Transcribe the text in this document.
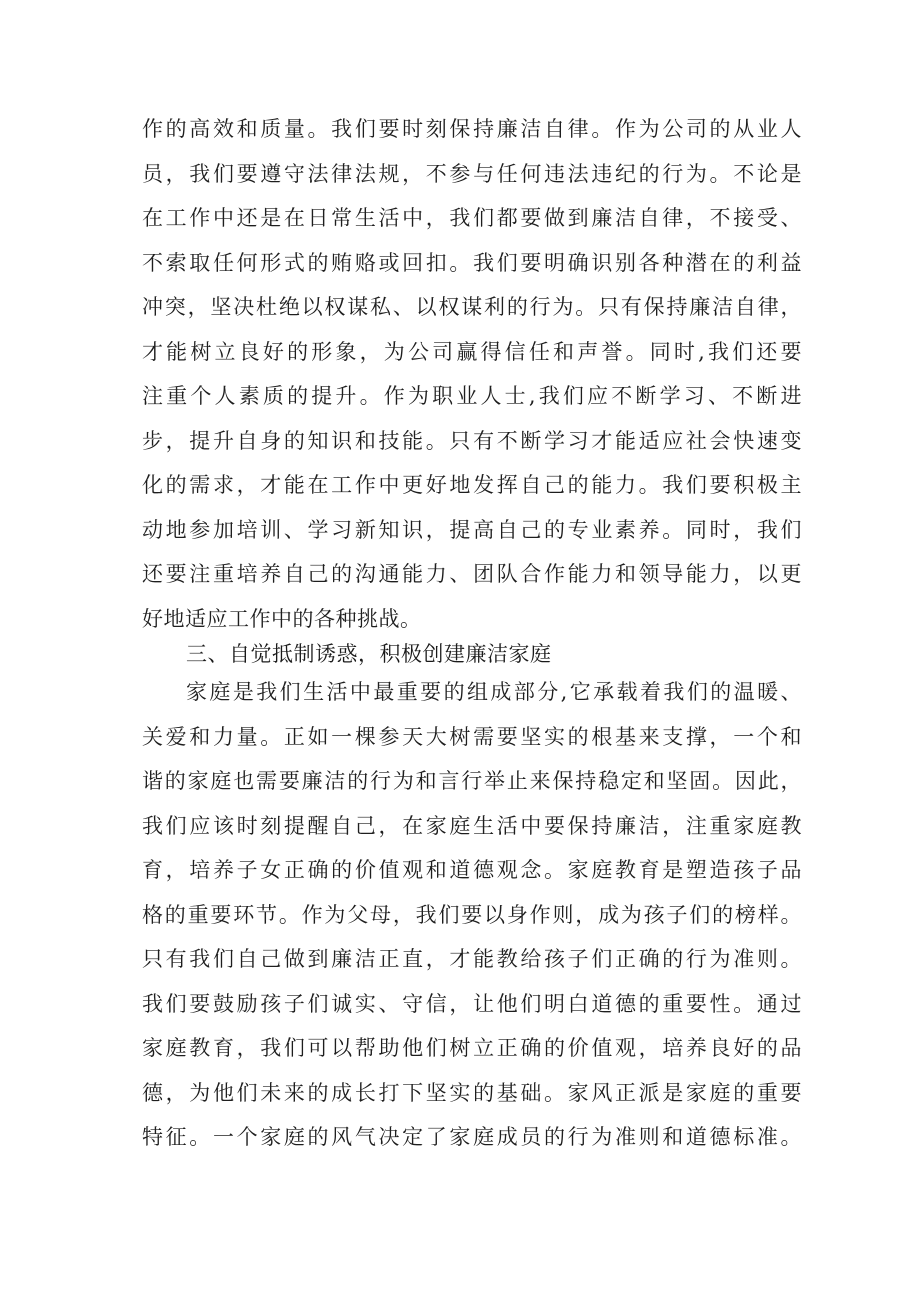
作的高效和质量。我们要时刻保持廉洁自律。作为公司的从业人
员，我们要遵守法律法规，不参与任何违法违纪的行为。不论是
在工作中还是在日常生活中，我们都要做到廉洁自律，不接受、
不索取任何形式的贿赂或回扣。我们要明确识别各种潜在的利益
冲突，坚决杜绝以权谋私、以权谋利的行为。只有保持廉洁自律，
才能树立良好的形象，为公司赢得信任和声誉。同时,我们还要
注重个人素质的提升。作为职业人士,我们应不断学习、不断进
步，提升自身的知识和技能。只有不断学习才能适应社会快速变
化的需求，才能在工作中更好地发挥自己的能力。我们要积极主
动地参加培训、学习新知识，提高自己的专业素养。同时，我们
还要注重培养自己的沟通能力、团队合作能力和领导能力，以更
好地适应工作中的各种挑战。
三、自觉抵制诱惑，积极创建廉洁家庭
家庭是我们生活中最重要的组成部分,它承载着我们的温暖、
关爱和力量。正如一棵参天大树需要坚实的根基来支撑，一个和
谐的家庭也需要廉洁的行为和言行举止来保持稳定和坚固。因此，
我们应该时刻提醒自己，在家庭生活中要保持廉洁，注重家庭教
育，培养子女正确的价值观和道德观念。家庭教育是塑造孩子品
格的重要环节。作为父母，我们要以身作则，成为孩子们的榜样。
只有我们自己做到廉洁正直，才能教给孩子们正确的行为准则。
我们要鼓励孩子们诚实、守信，让他们明白道德的重要性。通过
家庭教育，我们可以帮助他们树立正确的价值观，培养良好的品
德，为他们未来的成长打下坚实的基础。家风正派是家庭的重要
特征。一个家庭的风气决定了家庭成员的行为准则和道德标准。
